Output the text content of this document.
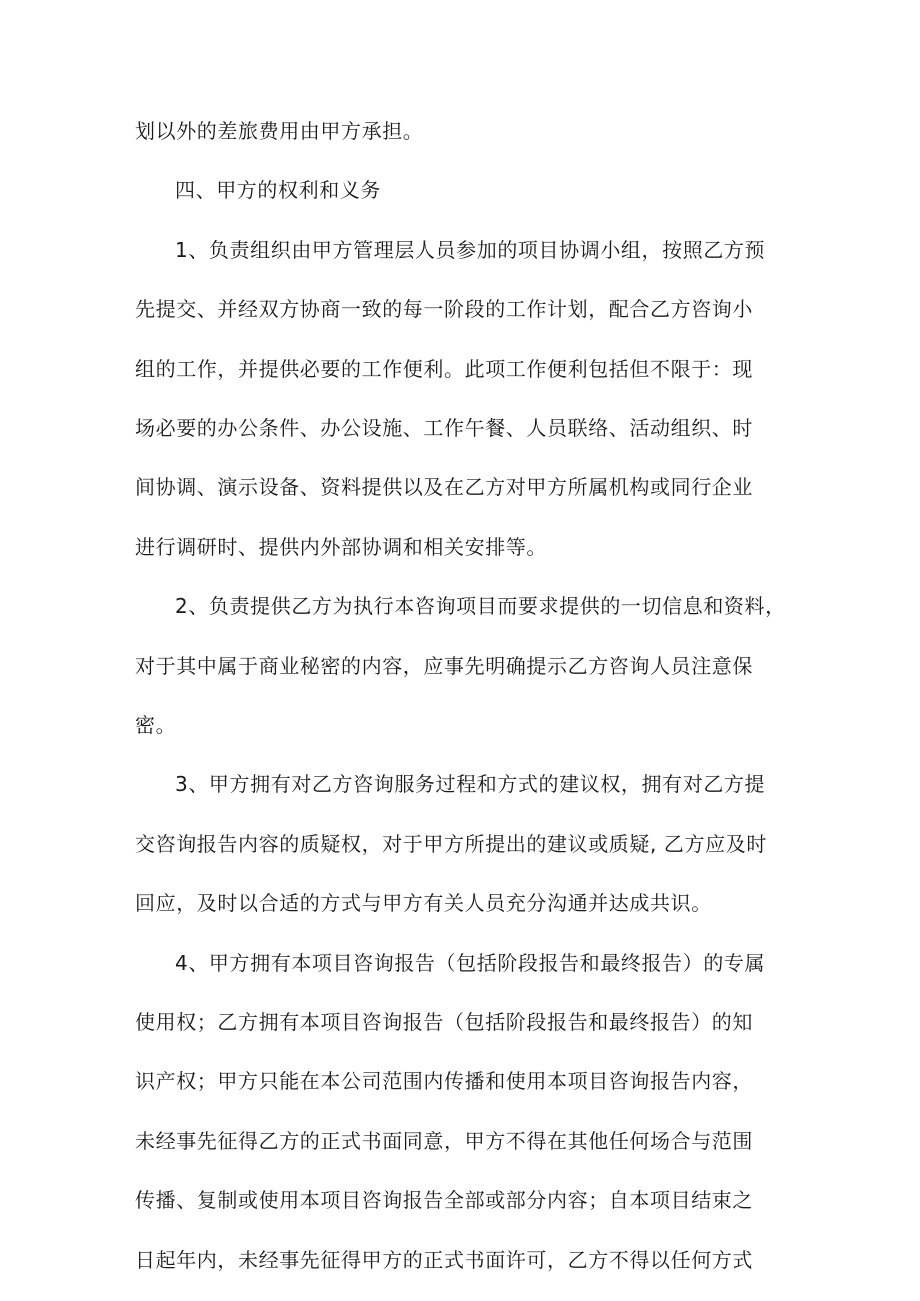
划以外的差旅费用由甲方承担。
四、甲方的权利和义务
1、负责组织由甲方管理层人员参加的项目协调小组，按照乙方预
先提交、并经双方协商一致的每一阶段的工作计划，配合乙方咨询小
组的工作，并提供必要的工作便利。此项工作便利包括但不限于：现
场必要的办公条件、办公设施、工作午餐、人员联络、活动组织、时
间协调、演示设备、资料提供以及在乙方对甲方所属机构或同行企业
进行调研时、提供内外部协调和相关安排等。
2、负责提供乙方为执行本咨询项目而要求提供的一切信息和资料，
对于其中属于商业秘密的内容，应事先明确提示乙方咨询人员注意保
密。
3、甲方拥有对乙方咨询服务过程和方式的建议权，拥有对乙方提
交咨询报告内容的质疑权，对于甲方所提出的建议或质疑, 乙方应及时
回应，及时以合适的方式与甲方有关人员充分沟通并达成共识。
4、甲方拥有本项目咨询报告（包括阶段报告和最终报告）的专属
使用权；乙方拥有本项目咨询报告（包括阶段报告和最终报告）的知
识产权；甲方只能在本公司范围内传播和使用本项目咨询报告内容，
未经事先征得乙方的正式书面同意，甲方不得在其他任何场合与范围
传播、复制或使用本项目咨询报告全部或部分内容；自本项目结束之
日起年内，未经事先征得甲方的正式书面许可，乙方不得以任何方式
